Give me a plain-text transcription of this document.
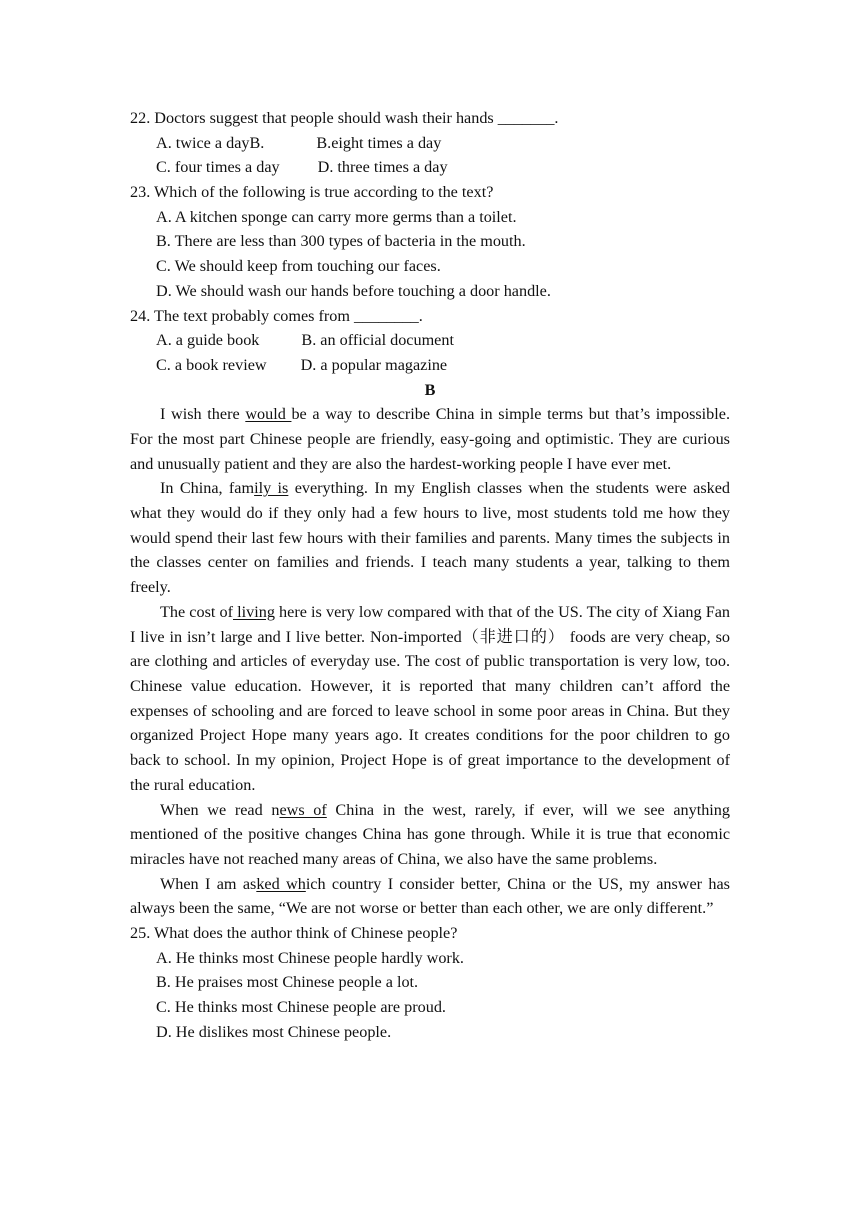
22. Doctors suggest that people should wash their hands _______.
A. twice a dayB.	B.eight times a day
C. four times a day D. three times a day
23. Which of the following is true according to the text?
A. A kitchen sponge can carry more germs than a toilet.
B. There are less than 300 types of bacteria in the mouth.
C. We should keep from touching our faces.
D. We should wash our hands before touching a door handle.
24. The text probably comes from ________.
A. a guide book	B. an official document
C. a book review D. a popular magazine
B

I wish there would be a way to describe China in simple terms but that’s impossible. For the most part Chinese people are friendly, easy-going and optimistic. They are curious and unusually patient and they are also the hardest-working people I have ever met.

In China, family is everything. In my English classes when the students were asked what they would do if they only had a few hours to live, most students told me how they would spend their last few hours with their families and parents. Many times the subjects in the classes center on families and friends. I teach many students a year, talking to them freely.

The cost of living here is very low compared with that of the US. The city of Xiang Fan I live in isn’t large and I live better. Non-imported（非进口的） foods are very cheap, so are clothing and articles of everyday use. The cost of public transportation is very low, too. Chinese value education. However, it is reported that many children can’t afford the expenses of schooling and are forced to leave school in some poor areas in China. But they organized Project Hope many years ago. It creates conditions for the poor children to go back to school. In my opinion, Project Hope is of great importance to the development of the rural education.

When we read news of China in the west, rarely, if ever, will we see anything mentioned of the positive changes China has gone through. While it is true that economic miracles have not reached many areas of China, we also have the same problems.

When I am asked which country I consider better, China or the US, my answer has always been the same, “We are not worse or better than each other, we are only different.”

25. What does the author think of Chinese people?
A. He thinks most Chinese people hardly work.
B. He praises most Chinese people a lot.
C. He thinks most Chinese people are proud.
D. He dislikes most Chinese people.
